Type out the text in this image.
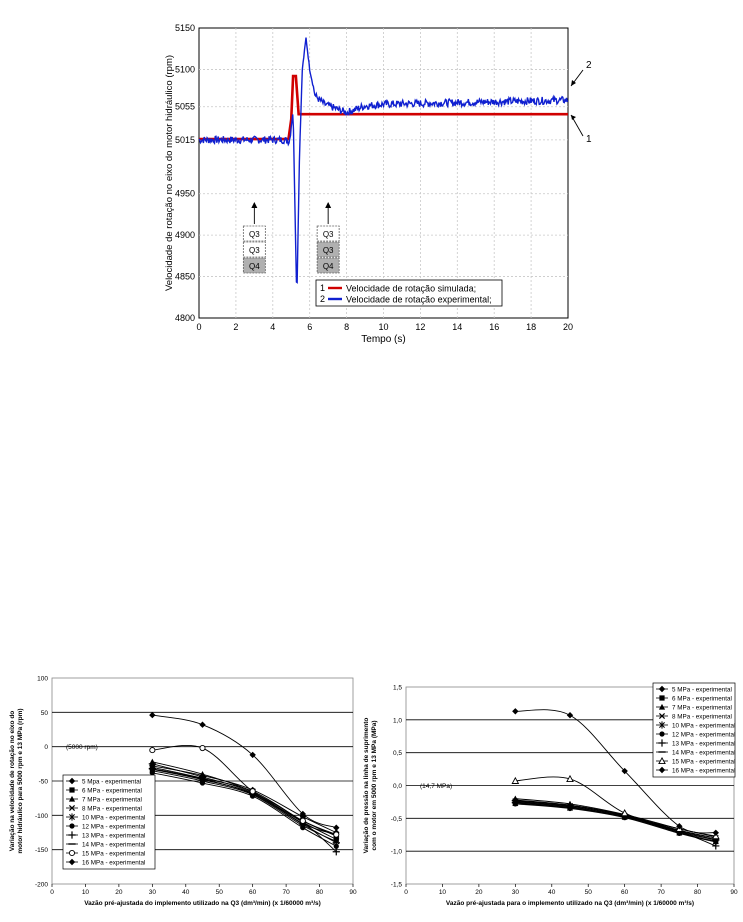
0	2	4	6	8	10	12	14	16	18	20
4800
4850
4900
4950
5015
5055
5100
5150
Tempo (s)
Velocidade de rotação no eixo do motor hidráulico (rpm)	2
1
Q3
Q3
Q4
Q3
Q3
Q4
1 Velocidade de rotação simulada;
2 Velocidade de rotação experimental;
100
50
0
-50
-100
-150
-200
0	10	20	30	40	50	60	70	80	90
Vazão pré-ajustada do implemento utilizado na Q3 (dm³/min) (x 1/60000 m³/s)
Variação na velocidade de rotação no eixo do motor hidráulico para 5000 rpm e 13 MPa (rpm)	(5000 rpm)
5 Mpa - experimental
6 MPa - experimental
7 MPa - experimental
8 MPa - experimental
10 MPa - experimental
12 MPa - experimental
13 MPa - experimental
14 MPa - experimental
15 MPa - experimental
16 MPa - experimental
1,5
1,0
0,5
0,0
-0,5
-1,0
-1,5
0	10	20	30	40	50	60	70	80	90
Vazão pré-ajustada para o implemento utilizado na Q3 (dm³/min) (x 1/60000 m³/s)
Variação de pressão na linha de suprimento com o motor em 5000 rpm e 13 MPa (MPa)	(14,7 MPa)
5 MPa - experimental
6 MPa - experimental
7 MPa - experimental
8 MPa - experimental
10 MPa - experimental
12 MPa - experimental
13 MPa - experimental
14 MPa - experimental
15 MPa - experimental
16 MPa - experimental
